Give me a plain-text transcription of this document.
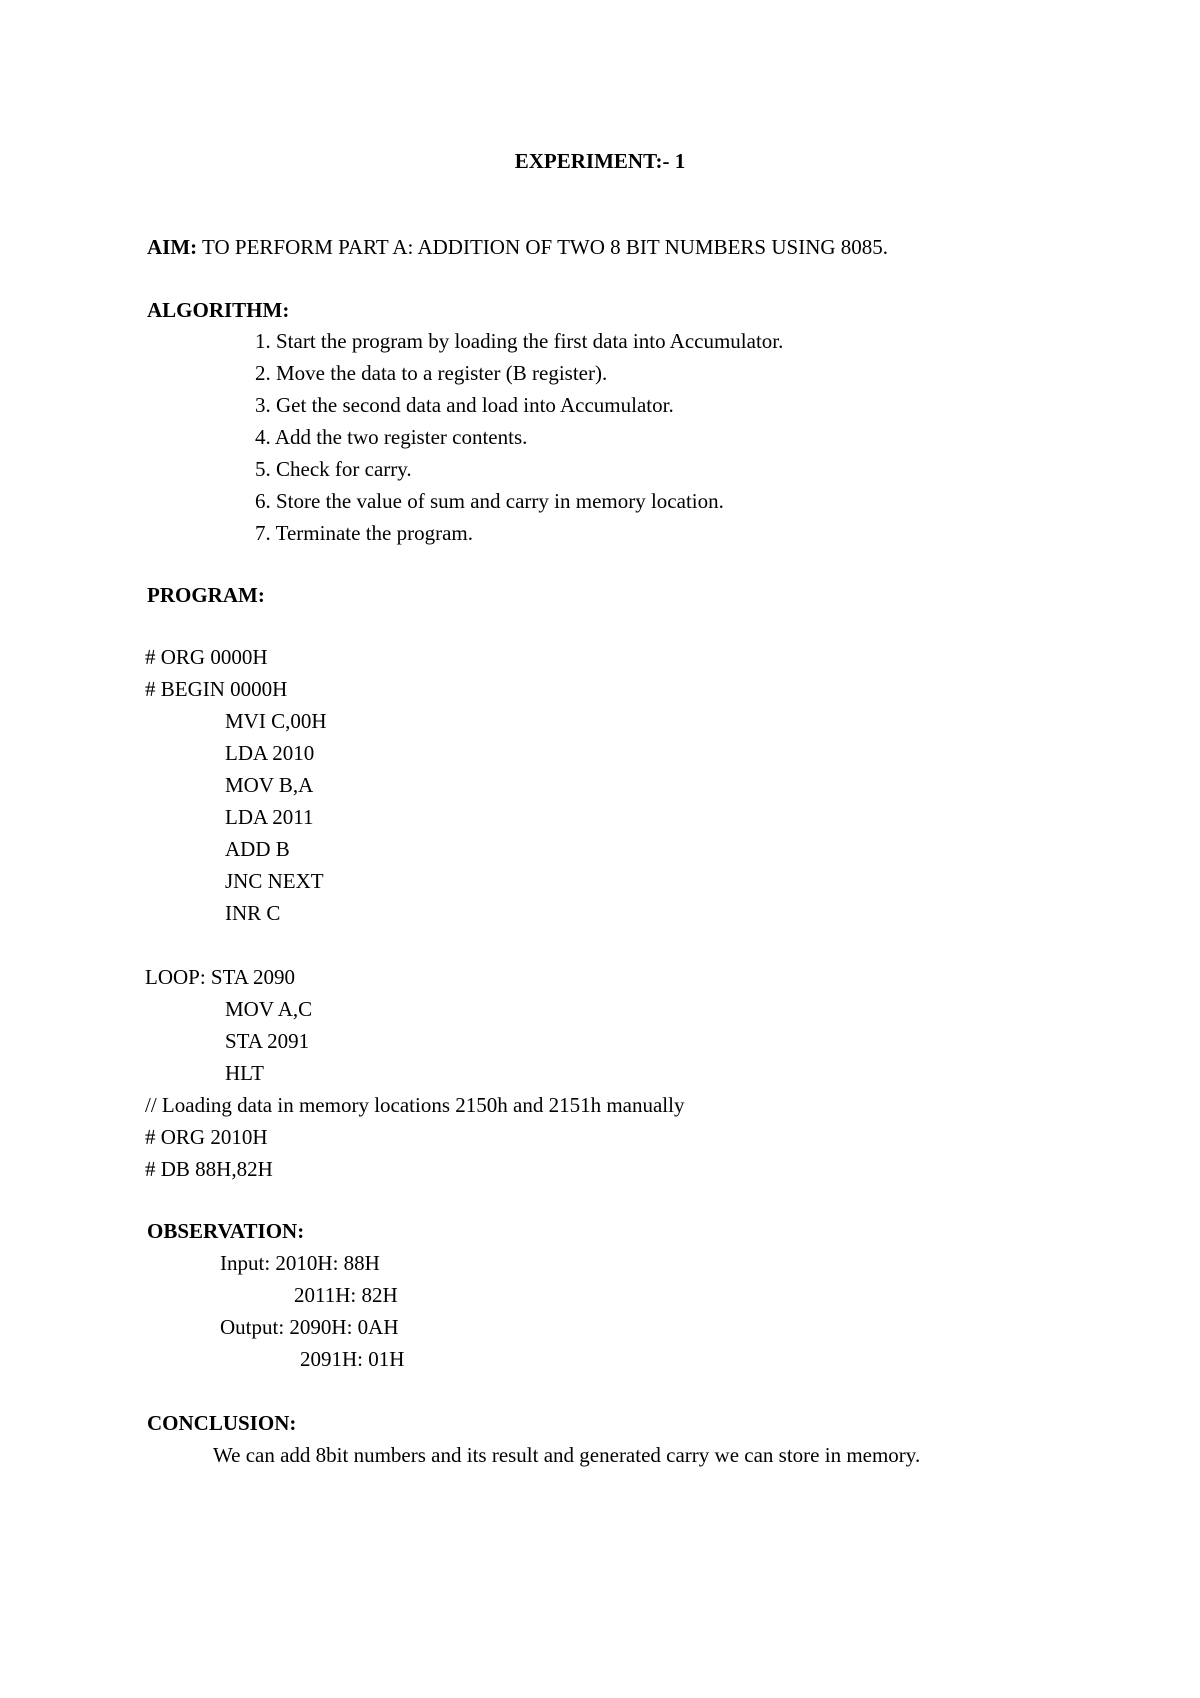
EXPERIMENT:- 1
AIM: TO PERFORM PART A: ADDITION OF TWO 8 BIT NUMBERS USING 8085.
ALGORITHM:
1. Start the program by loading the first data into Accumulator.
2. Move the data to a register (B register).
3. Get the second data and load into Accumulator.
4. Add the two register contents.
5. Check for carry.
6. Store the value of sum and carry in memory location.
7. Terminate the program.
PROGRAM:
# ORG 0000H
# BEGIN 0000H
MVI C,00H
LDA 2010
MOV B,A
LDA 2011
ADD B
JNC NEXT
INR C
LOOP: STA 2090
MOV A,C
STA 2091
HLT
// Loading data in memory locations 2150h and 2151h manually
# ORG 2010H
# DB 88H,82H
OBSERVATION:
Input: 2010H: 88H
2011H: 82H
Output: 2090H: 0AH
2091H: 01H
CONCLUSION:
We can add 8bit numbers and its result and generated carry we can store in memory.
